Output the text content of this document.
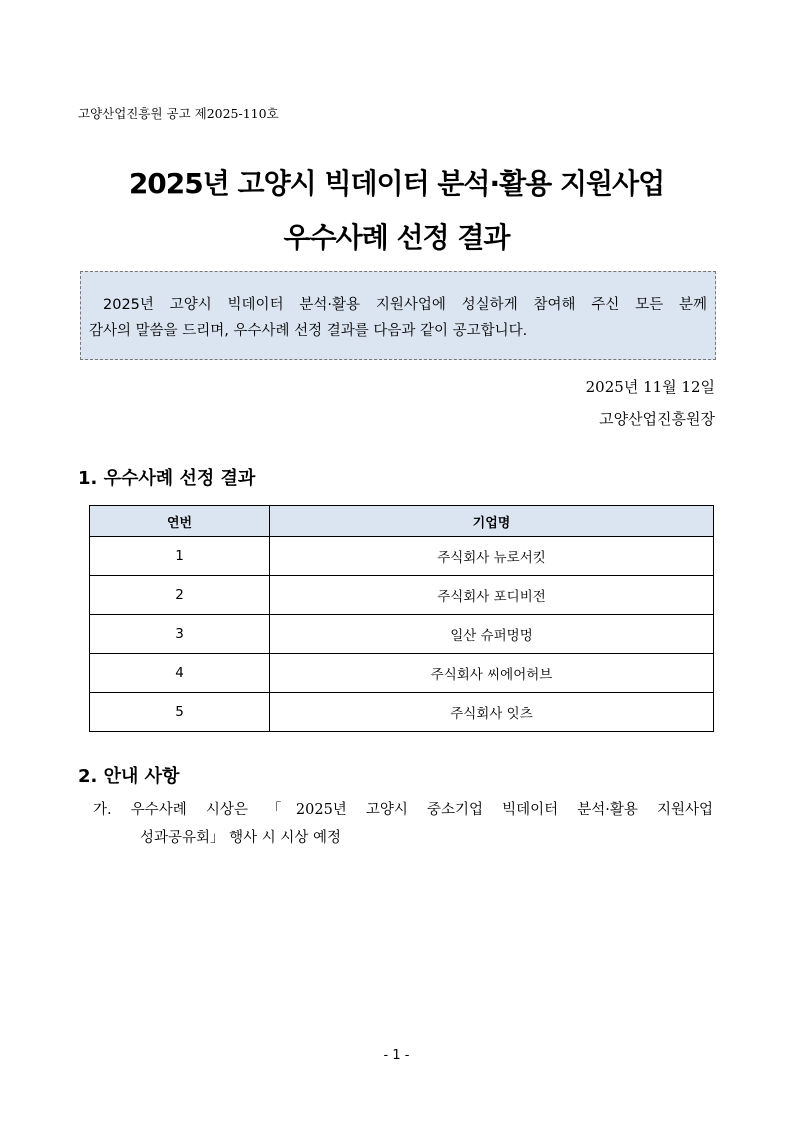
고양산업진흥원 공고 제2025-110호
2025년 고양시 빅데이터 분석·활용 지원사업
우수사례 선정 결과
2025년 고양시 빅데이터 분석·활용 지원사업에 성실하게 참여해 주신 모든 분께
감사의 말씀을 드리며, 우수사례 선정 결과를 다음과 같이 공고합니다.
2025년 11월 12일
고양산업진흥원장
1. 우수사례 선정 결과
연번	기업명
1	주식회사 뉴로서킷
2	주식회사 포디비전
3	일산 슈퍼멍멍
4	주식회사 씨에어허브
5	주식회사 잇츠
2. 안내 사항
가. 우수사례 시상은 「2025년 고양시 중소기업 빅데이터 분석·활용 지원사업
성과공유회」 행사 시 시상 예정
- 1 -
